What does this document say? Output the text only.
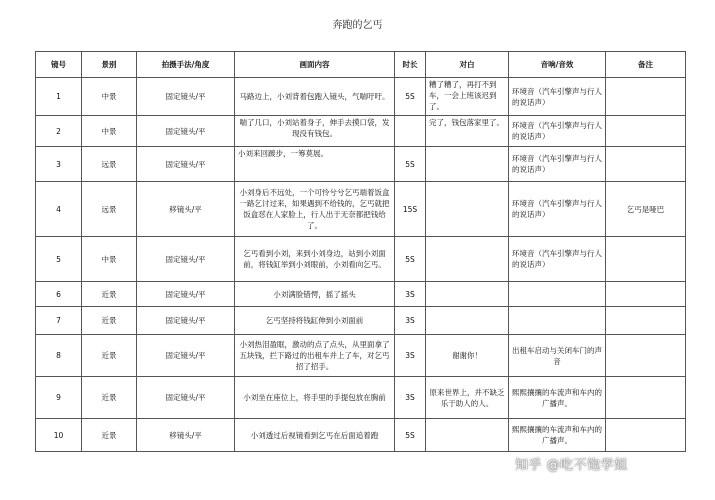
奔跑的乞丐
镜号	景别	拍摄手法/角度	画面内容	时长	对白	音响/音效	备注
1	中景	固定镜头/平	马路边上，小刘背着包跑入镜头，气喘吁吁。	5S	糟了糟了，再打不到车，一会上班该迟到了。	环境音（汽车引擎声与行人的说话声）	
2	中景	固定镜头/平	喘了几口，小刘站着身子，伸手去摸口袋，发现没有钱包。		完了，钱包落家里了。	环境音（汽车引擎声与行人的说话声）	
3	远景	固定镜头/平	小刘来回踱步，一筹莫展。	5S		环境音（汽车引擎声与行人的说话声）	
4	远景	移镜头/平	小刘身后不远处，一个可怜兮兮乞丐端着饭盒一路乞讨过来，如果遇到不给钱的，乞丐就把饭盒怼在人家脸上，行人出于无奈都把钱给了。	15S		环境音（汽车引擎声与行人的说话声）	乞丐是哑巴
5	中景	固定镜头/平	乞丐看到小刘，来到小刘身边，站到小刘面前，将钱缸举到小刘眼前，小刘看向乞丐。	5S		环境音（汽车引擎声与行人的说话声）	
6	近景	固定镜头/平	小刘满脸错愕，摇了摇头	3S			
7	近景	固定镜头/平	乞丐坚持将钱缸伸到小刘面前	3S			
8	近景	固定镜头/平	小刘热泪盈眶，激动的点了点头，从里面拿了五块钱，拦下路过的出租车并上了车，对乞丐招了招手。	3S	谢谢你！	出租车启动与关闭车门的声音	
9	近景	固定镜头/平	小刘坐在座位上，将手里的手提包放在胸前	3S	原来世界上，并不缺乏乐于助人的人。	熙熙攘攘的车流声和车内的广播声。	
10	近景	移镜头/平	小刘透过后视镜看到乞丐在后面追着跑	5S		熙熙攘攘的车流声和车内的广播声。	
知乎 @吃不饱学姐
